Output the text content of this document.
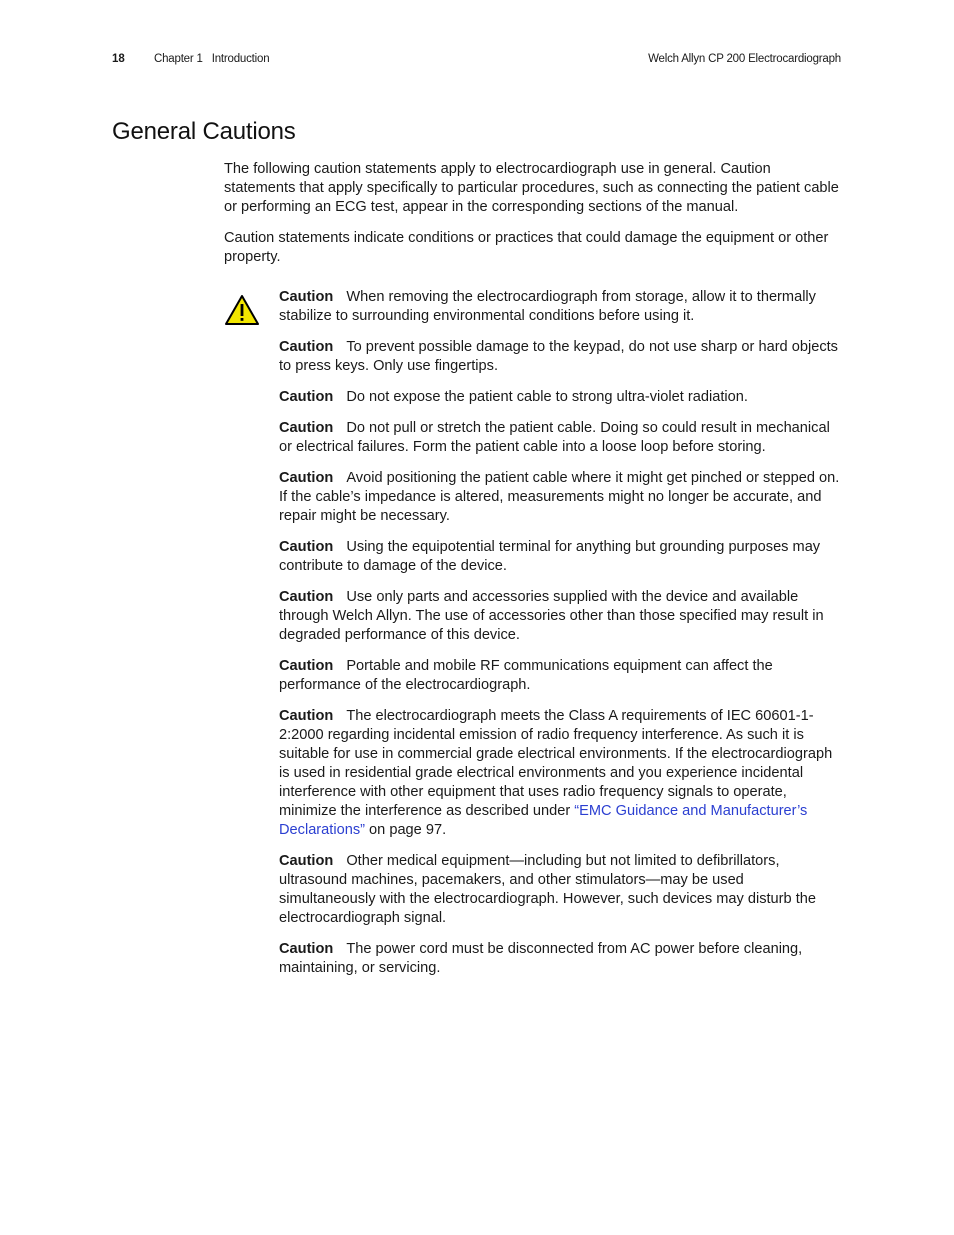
18	Chapter 1 Introduction	Welch Allyn CP 200 Electrocardiograph
General Cautions

The following caution statements apply to electrocardiograph use in general. Caution statements that apply specifically to particular procedures, such as connecting the patient cable or performing an ECG test, appear in the corresponding sections of the manual.

Caution statements indicate conditions or practices that could damage the equipment or other property.

Caution When removing the electrocardiograph from storage, allow it to thermally stabilize to surrounding environmental conditions before using it.
Caution To prevent possible damage to the keypad, do not use sharp or hard objects to press keys. Only use fingertips.
Caution Do not expose the patient cable to strong ultra-violet radiation.
Caution Do not pull or stretch the patient cable. Doing so could result in mechanical or electrical failures. Form the patient cable into a loose loop before storing.
Caution Avoid positioning the patient cable where it might get pinched or stepped on. If the cable’s impedance is altered, measurements might no longer be accurate, and repair might be necessary.
Caution Using the equipotential terminal for anything but grounding purposes may contribute to damage of the device.
Caution Use only parts and accessories supplied with the device and available through Welch Allyn. The use of accessories other than those specified may result in degraded performance of this device.
Caution Portable and mobile RF communications equipment can affect the performance of the electrocardiograph.
Caution The electrocardiograph meets the Class A requirements of IEC 60601-1-2:2000 regarding incidental emission of radio frequency interference. As such it is suitable for use in commercial grade electrical environments. If the electrocardiograph is used in residential grade electrical environments and you experience incidental interference with other equipment that uses radio frequency signals to operate, minimize the interference as described under “EMC Guidance and Manufacturer’s Declarations” on page 97.
Caution Other medical equipment—including but not limited to defibrillators, ultrasound machines, pacemakers, and other stimulators—may be used simultaneously with the electrocardiograph. However, such devices may disturb the electrocardiograph signal.
Caution The power cord must be disconnected from AC power before cleaning, maintaining, or servicing.
